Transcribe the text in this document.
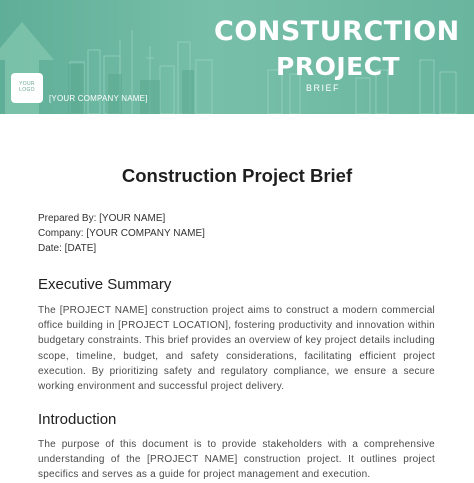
CONSTURCTION
PROJECT
BRIEF
YOUR
LOGO
[YOUR COMPANY NAME]
Construction Project Brief
Prepared By: [YOUR NAME]
Company: [YOUR COMPANY NAME]
Date: [DATE]
Executive Summary

The [PROJECT NAME] construction project aims to construct a modern commercial office building in [PROJECT LOCATION], fostering productivity and innovation within budgetary constraints. This brief provides an overview of key project details including scope, timeline, budget, and safety considerations, facilitating efficient project execution. By prioritizing safety and regulatory compliance, we ensure a secure working environment and successful project delivery.

Introduction

The purpose of this document is to provide stakeholders with a comprehensive understanding of the [PROJECT NAME] construction project. It outlines project specifics and serves as a guide for project management and execution.
